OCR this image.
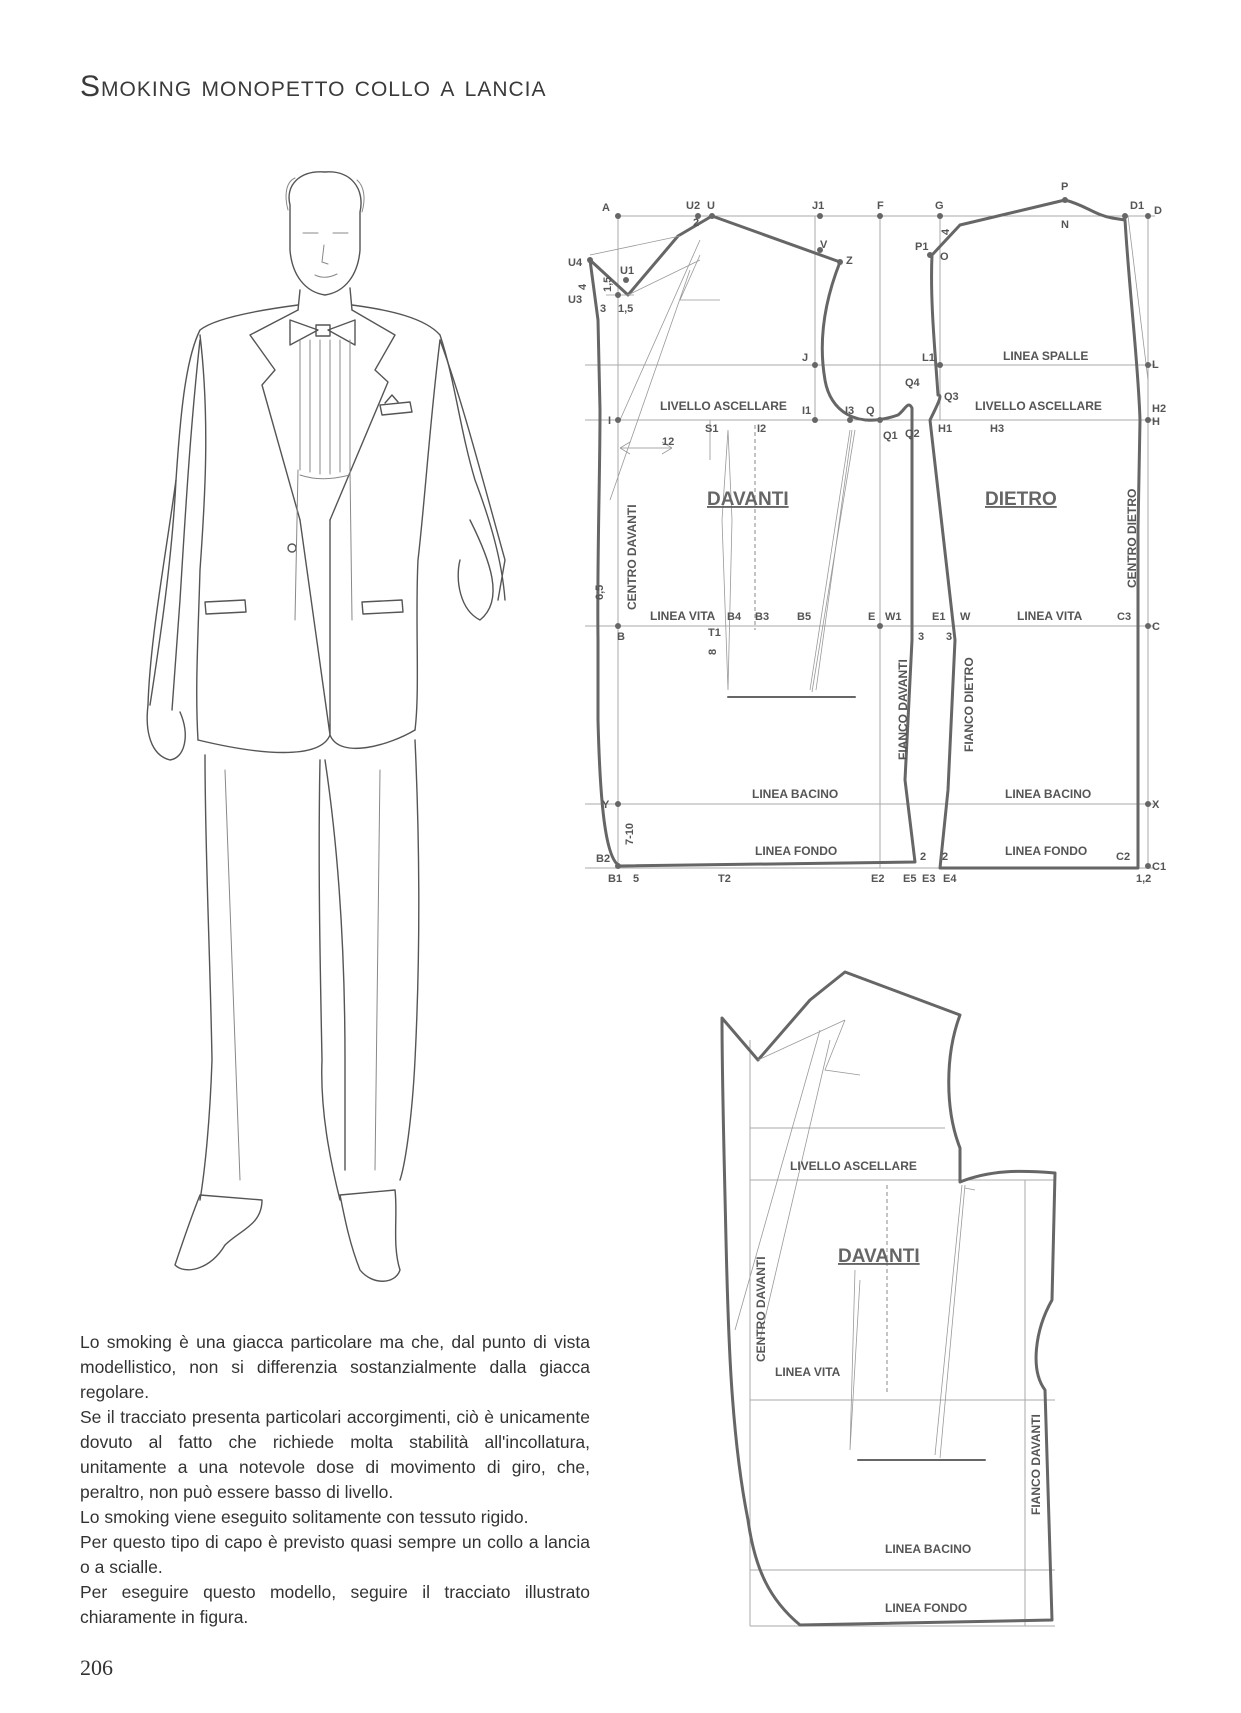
Smoking monopetto collo a lancia
LINEA SPALLE
LIVELLO ASCELLARE	LIVELLO ASCELLARE
LINEA VITA	LINEA VITA
LINEA BACINO	LINEA BACINO
LINEA FONDO	LINEA FONDO
DAVANTI	DIETRO
CENTRO DAVANTI	CENTRO DIETRO
FIANCO DAVANTI	FIANCO DIETRO
A	U2 U	J1	F	G
P
N
D1 D
V
Z
P1
O
U4
U1
U3
J	L1
L
Q4
Q3
I
I1	I3 Q
Q1 Q2 H1	H3
H2
H
S1	I2
B	T1
B4 B3	B5	E W1	E1 W	C3
C
Y	X
B2	C2
C1
B1	T2	E2 E5 E3 E4
2
4
1,5
4
3 1,5
12
6,5
8
3 3
7-10
2 2
5	1,2
LIVELLO ASCELLARE
DAVANTI
CENTRO DAVANTI
LINEA VITA
FIANCO DAVANTI
LINEA BACINO
LINEA FONDO

Lo smoking è una giacca particolare ma che, dal punto di vista modellistico, non si differenzia sostanzialmente dalla giacca regolare.

Se il tracciato presenta particolari accorgimenti, ciò è unicamente dovuto al fatto che richiede molta stabilità all'incollatura, unitamente a una notevole dose di movimento di giro, che, peraltro, non può essere basso di livello.

Lo smoking viene eseguito solitamente con tessuto rigido.

Per questo tipo di capo è previsto quasi sempre un collo a lancia o a scialle.

Per eseguire questo modello, seguire il tracciato illustrato chiaramente in figura.

206
